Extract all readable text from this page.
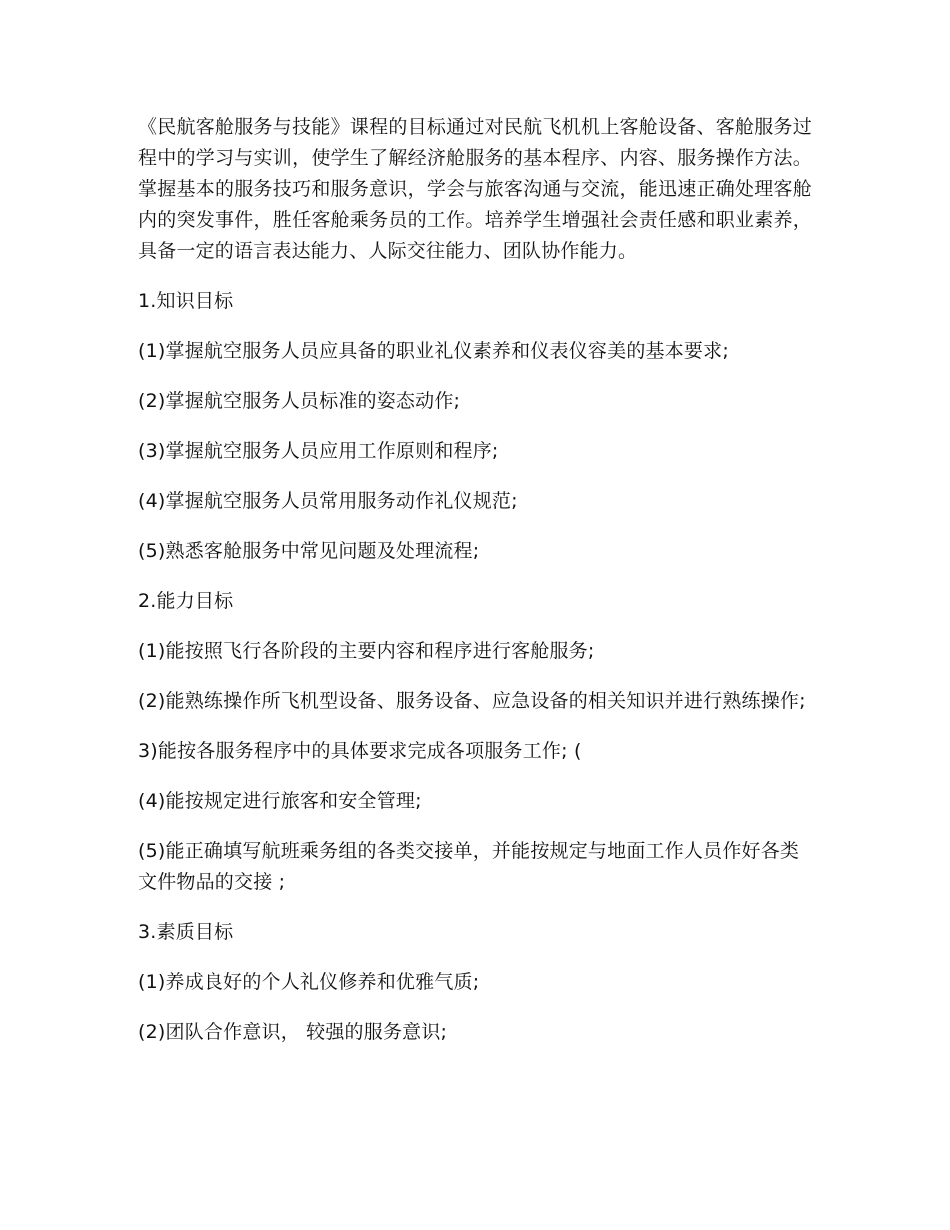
《民航客舱服务与技能》课程的目标通过对民航飞机机上客舱设备、客舱服务过程中的学习与实训，使学生了解经济舱服务的基本程序、内容、服务操作方法。掌握基本的服务技巧和服务意识，学会与旅客沟通与交流，能迅速正确处理客舱内的突发事件，胜任客舱乘务员的工作。培养学生增强社会责任感和职业素养，具备一定的语言表达能力、人际交往能力、团队协作能力。

1.知识目标

(1)掌握航空服务人员应具备的职业礼仪素养和仪表仪容美的基本要求;

(2)掌握航空服务人员标准的姿态动作;

(3)掌握航空服务人员应用工作原则和程序;

(4)掌握航空服务人员常用服务动作礼仪规范;

(5)熟悉客舱服务中常见问题及处理流程;

2.能力目标

(1)能按照飞行各阶段的主要内容和程序进行客舱服务;

(2)能熟练操作所飞机型设备、服务设备、应急设备的相关知识并进行熟练操作;

3)能按各服务程序中的具体要求完成各项服务工作; (

(4)能按规定进行旅客和安全管理;

(5)能正确填写航班乘务组的各类交接单，并能按规定与地面工作人员作好各类文件物品的交接 ;

3.素质目标

(1)养成良好的个人礼仪修养和优雅气质;

(2)团队合作意识， 较强的服务意识;
